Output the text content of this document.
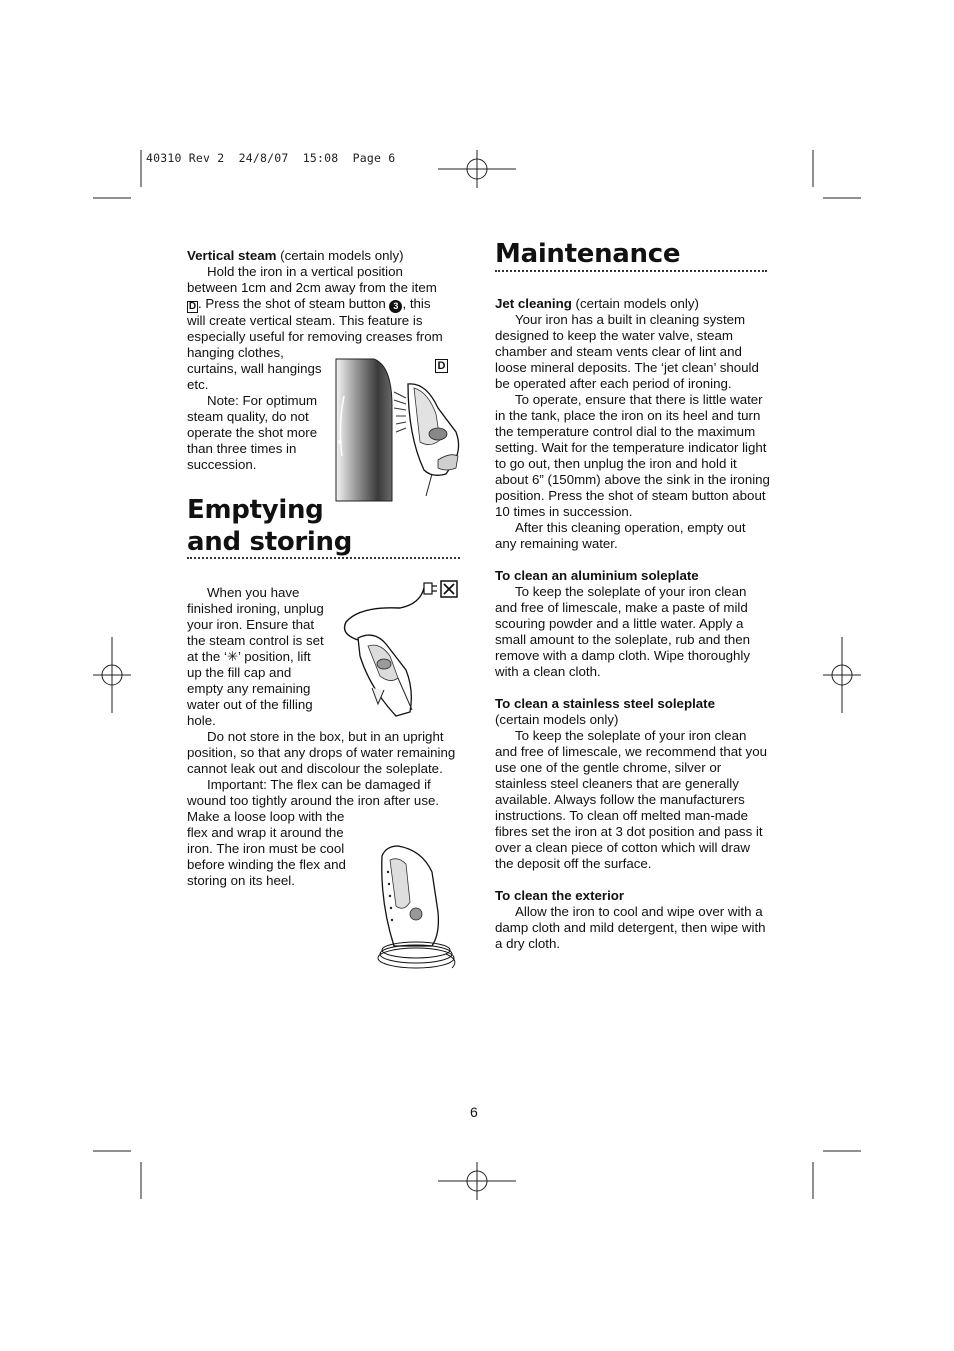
40310 Rev 2  24/8/07  15:08  Page 6

Vertical steam (certain models only)

Hold the iron in a vertical position

between 1cm and 2cm away from the item

D . Press the shot of steam button 3 , this

will create vertical steam. This feature is

especially useful for removing creases from

hanging clothes,

curtains, wall hangings

etc.

Note: For optimum

steam quality, do not

operate the shot more

than three times in

succession.

D
Emptying
and storing

When you have

finished ironing, unplug

your iron. Ensure that

the steam control is set

at the ‘✳’ position, lift

up the fill cap and

empty any remaining

water out of the filling

hole.

Do not store in the box, but in an upright position, so that any drops of water remaining cannot leak out and discolour the soleplate.

Important: The flex can be damaged if wound too tightly around the iron after use.

Make a loose loop with the

flex and wrap it around the

iron. The iron must be cool

before winding the flex and

storing on its heel.

Maintenance

Jet cleaning (certain models only)

Your iron has a built in cleaning system designed to keep the water valve, steam chamber and steam vents clear of lint and loose mineral deposits. The ‘jet clean’ should be operated after each period of ironing.

To operate, ensure that there is little water in the tank, place the iron on its heel and turn the temperature control dial to the maximum setting. Wait for the temperature indicator light to go out, then unplug the iron and hold it about 6” (150mm) above the sink in the ironing position. Press the shot of steam button about 10 times in succession.

After this cleaning operation, empty out any remaining water.

To clean an aluminium soleplate

To keep the soleplate of your iron clean and free of limescale, make a paste of mild scouring powder and a little water. Apply a small amount to the soleplate, rub and then remove with a damp cloth. Wipe thoroughly with a clean cloth.

To clean a stainless steel soleplate

(certain models only)

To keep the soleplate of your iron clean and free of limescale, we recommend that you use one of the gentle chrome, silver or stainless steel cleaners that are generally available. Always follow the manufacturers instructions. To clean off melted man-made fibres set the iron at 3 dot position and pass it over a clean piece of cotton which will draw the deposit off the surface.

To clean the exterior

Allow the iron to cool and wipe over with a damp cloth and mild detergent, then wipe with a dry cloth.

6
